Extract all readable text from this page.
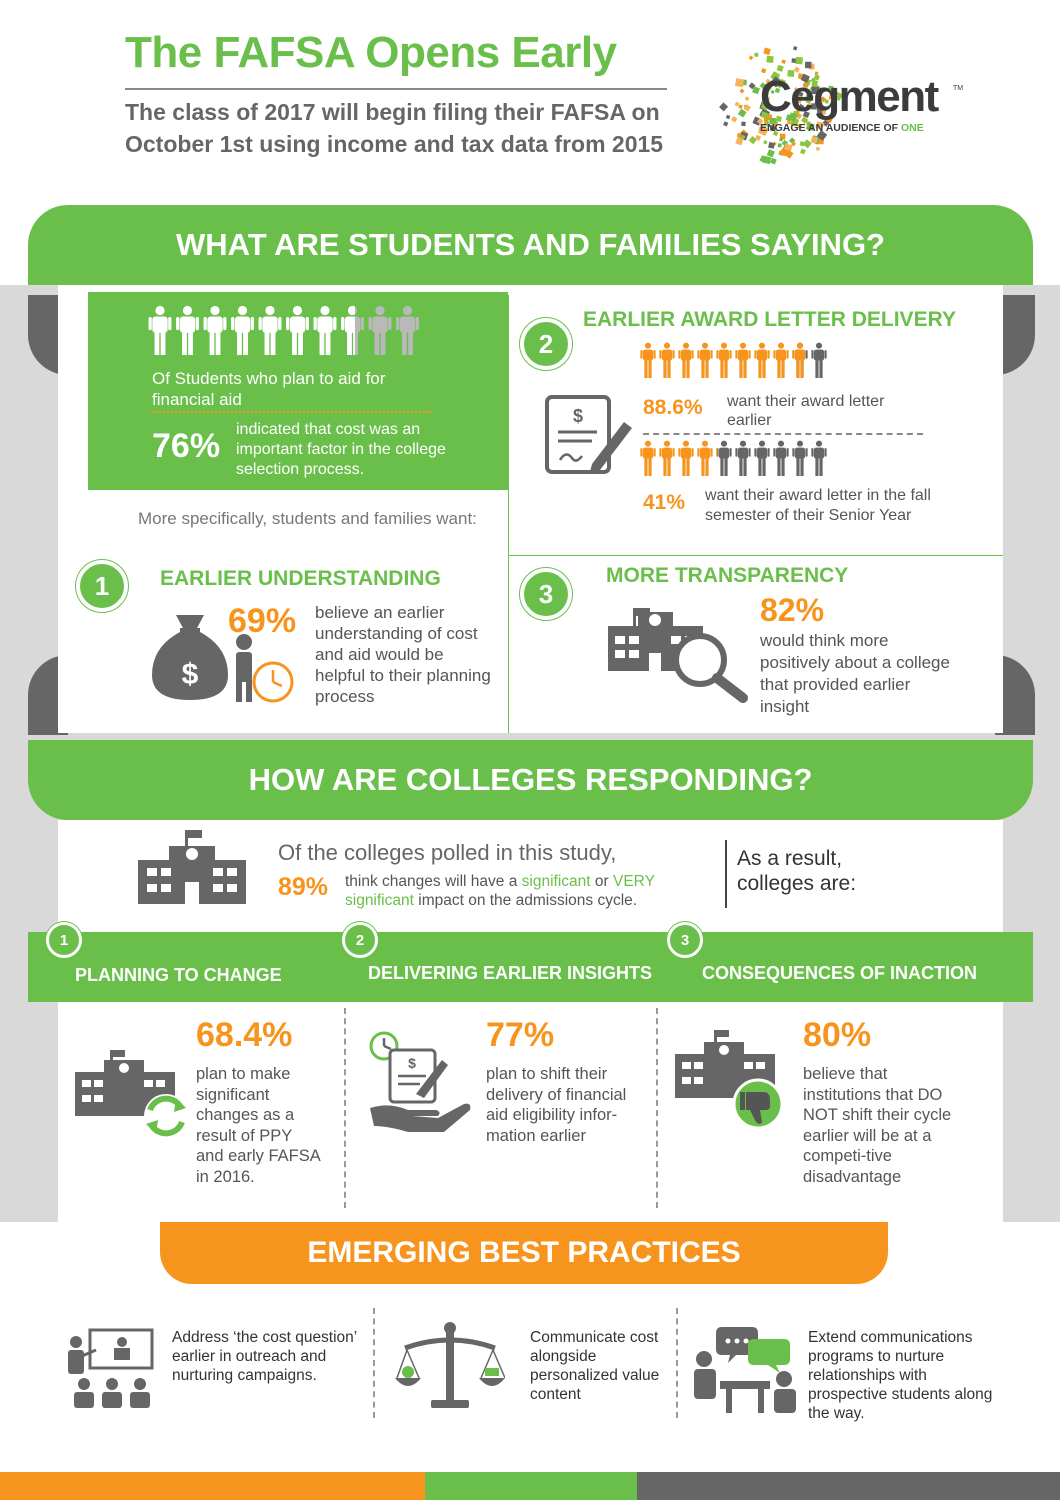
The FAFSA Opens Early
The class of 2017 will begin filing their FAFSA on October 1st using income and tax data from 2015
Cegment TM
ENGAGE AN AUDIENCE OF ONE
WHAT ARE STUDENTS AND FAMILIES SAYING?
Of Students who plan to aid for financial aid
76% indicated that cost was an important factor in the college selection process.
More specifically, students and families want:
1	EARLIER UNDERSTANDING
$
69% believe an earlier understanding of cost and aid would be helpful to their planning process
2
EARLIER AWARD LETTER DELIVERY
$	88.6% want their award letter earlier
41% want their award letter in the fall semester of their Senior Year
3
MORE TRANSPARENCY
82%
would think more positively about a college that provided earlier insight
HOW ARE COLLEGES RESPONDING?
Of the colleges polled in this study,
89% think changes will have a significant or VERY significant impact on the admissions cycle.
As a result, colleges are:
1	2	3
PLANNING TO CHANGE	DELIVERING EARLIER INSIGHTS	CONSEQUENCES OF INACTION
68.4%
plan to make significant changes as a result of PPY and early FAFSA in 2016.
$
77%
plan to shift their delivery of financial aid eligibility infor-mation earlier
80%
believe that institutions that DO NOT shift their cycle earlier will be at a competi-tive disadvantage
EMERGING BEST PRACTICES
Address ‘the cost question’ earlier in outreach and nurturing campaigns.
Communicate cost alongside personalized value content
Extend communications programs to nurture relationships with prospective students along the way.
